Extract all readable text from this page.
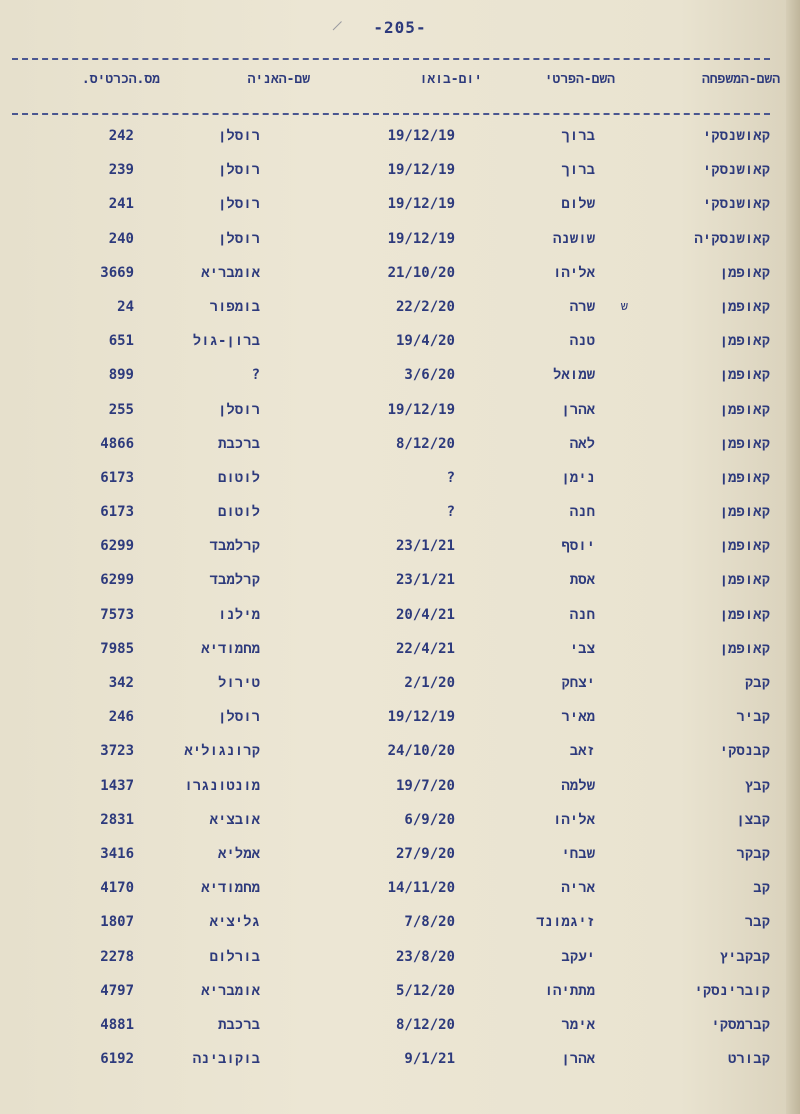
-205-
השם-המשפחה
השם-הפרטי
יום-בואו
שם-האניה
מס.הכרטיס.
קאושנסקי
ברוך
19/12/19
רוסלן
242
קאושנסקי
ברוך
19/12/19
רוסלן
239
קאושנסקי
שלום
19/12/19
רוסלן
241
קאושנסקיה
שושנה
19/12/19
רוסלן
240
קאופמן
אליהו
21/10/20
אומבריא
3669
קאופמן
שרה
22/2/20
בומפור
24	ש
קאופמן
טנה
19/4/20
ברון-גול
651
קאופמן
שמואל
3/6/20
?
899
קאופמן
אהרן
19/12/19
רוסלן
255
קאופמן
לאה
8/12/20
ברכבת
4866
קאופמן
נימן
?
לוטום
6173
קאופמן
חנה
?
לוטום
6173
קאופמן
יוסף
23/1/21
קרלמבד
6299
קאופמן
אסת
23/1/21
קרלמבד
6299
קאופמן
חנה
20/4/21
מילנו
7573
קאופמן
צבי
22/4/21
מחמודיא
7985
קבק
יצחק
2/1/20
טירול
342
קביר
מאיר
19/12/19
רוסלן
246
קבנסקי
זאב
24/10/20
קרונגוליא
3723
קבץ
שלמה
19/7/20
מונטונגרו
1437
קבצן
אליהו
6/9/20
אובציא
2831
קבקר
שבחי
27/9/20
אמליא
3416
קב
אריה
14/11/20
מחמודיא
4170
קבר
זיגמונד
7/8/20
גליציא
1807
קבקביץ
יעקב
23/8/20
בורלום
2278
קוברינסקי
מתתיהו
5/12/20
אומבריא
4797
קברמסקי
אימר
8/12/20
ברכבת
4881
קבורט
אהרן
9/1/21
בוקובינה
6192
